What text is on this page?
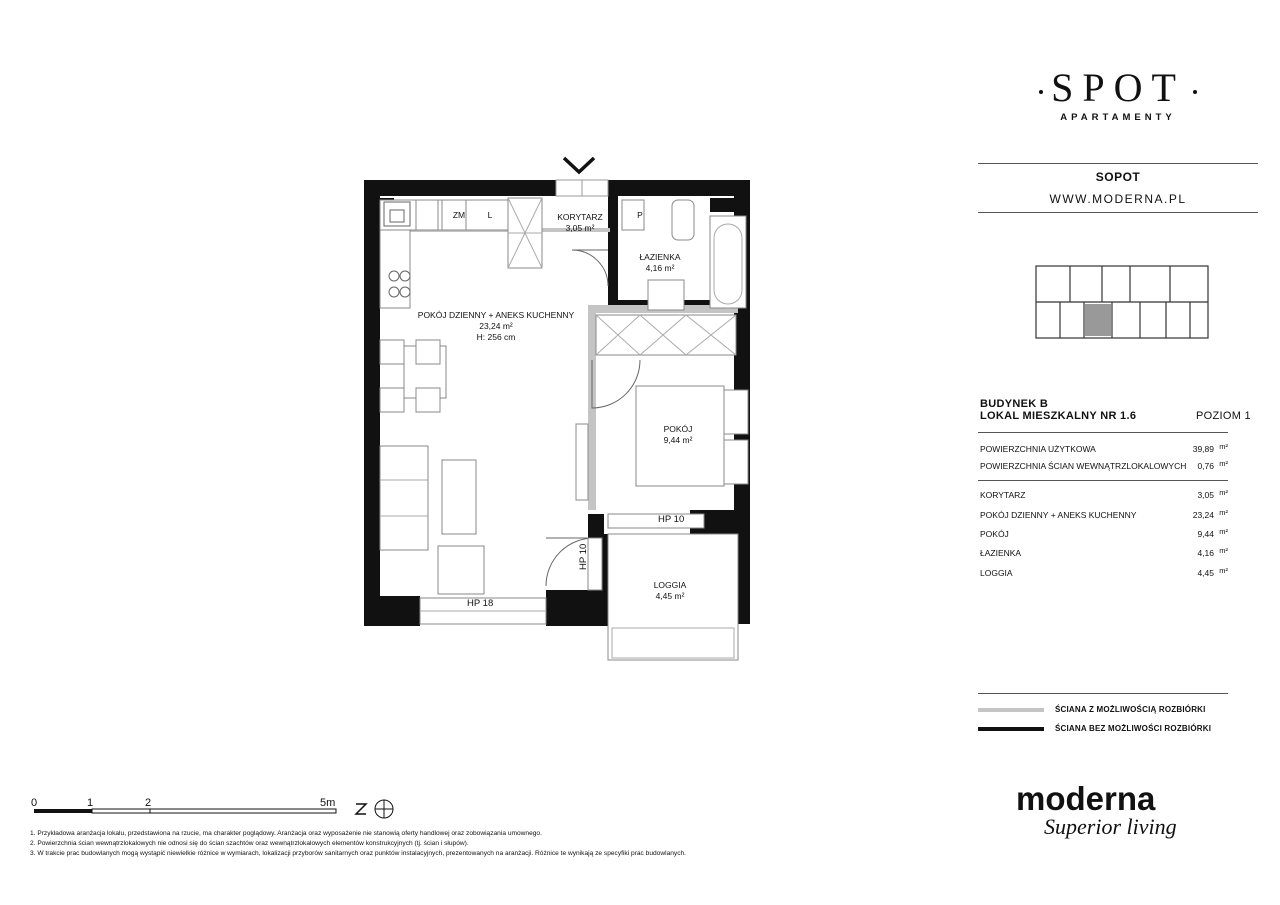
POKÓJ DZIENNY + ANEKS KUCHENNY
23,24 m²
H: 256 cm
KORYTARZ
3,05 m²
ŁAZIENKA
4,16 m²
POKÓJ
9,44 m²
LOGGIA
4,45 m²
ZM	L	P
HP 10
HP 10
HP 18
SPOT
APARTAMENTY
SOPOT
WWW.MODERNA.PL
BUDYNEK B
LOKAL MIESZKALNY NR 1.6	POZIOM 1
POWIERZCHNIA UŻYTKOWA	39,89 m²
POWIERZCHNIA ŚCIAN WEWNĄTRZLOKALOWYCH 0,76 m²
KORYTARZ	3,05 m²
POKÓJ DZIENNY + ANEKS KUCHENNY	23,24 m²
POKÓJ	9,44 m²
ŁAZIENKA	4,16 m²
LOGGIA	4,45 m²
ŚCIANA Z MOŻLIWOŚCIĄ ROZBIÓRKI
ŚCIANA BEZ MOŻLIWOŚCI ROZBIÓRKI
moderna
Superior living
0	1	2	5m
1. Przykładowa aranżacja lokalu, przedstawiona na rzucie, ma charakter poglądowy. Aranżacja oraz wyposażenie nie stanowią oferty handlowej oraz zobowiązania umownego.
2. Powierzchnia ścian wewnątrzlokalowych nie odnosi się do ścian szachtów oraz wewnątrzlokalowych elementów konstrukcyjnych (tj. ścian i słupów).
3. W trakcie prac budowlanych mogą wystąpić niewielkie różnice w wymiarach, lokalizacji przyborów sanitarnych oraz punktów instalacyjnych, prezentowanych na aranżacji. Różnice te wynikają ze specyfiki prac budowlanych.
